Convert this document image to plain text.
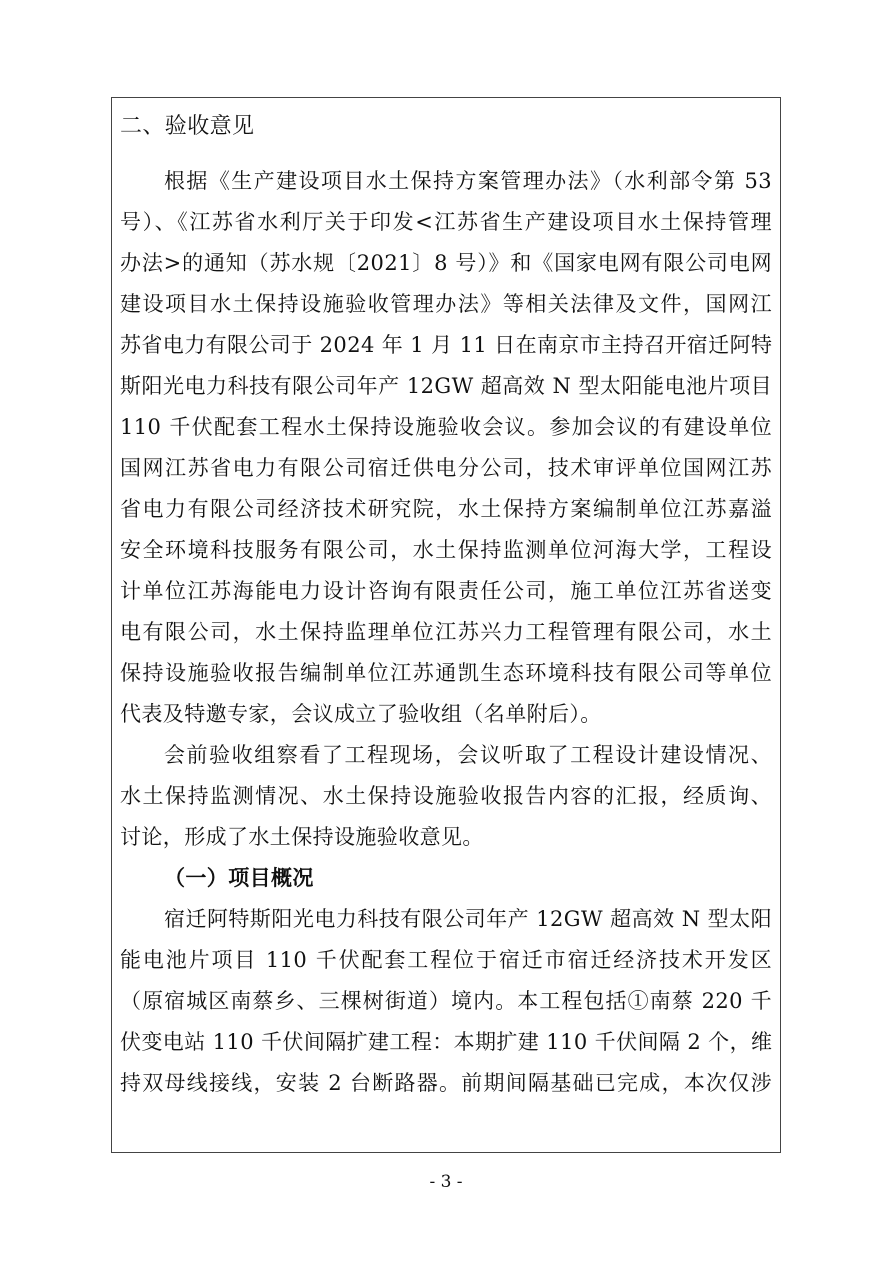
二、验收意见
根据《生产建设项目水土保持方案管理办法》（水利部令第 53
号）、《江苏省水利厅关于印发<江苏省生产建设项目水土保持管理
办法>的通知（苏水规〔2021〕8 号）》和《国家电网有限公司电网
建设项目水土保持设施验收管理办法》等相关法律及文件，国网江
苏省电力有限公司于 2024 年 1 月 11 日在南京市主持召开宿迁阿特
斯阳光电力科技有限公司年产 12GW 超高效 N 型太阳能电池片项目
110 千伏配套工程水土保持设施验收会议。参加会议的有建设单位
国网江苏省电力有限公司宿迁供电分公司，技术审评单位国网江苏
省电力有限公司经济技术研究院，水土保持方案编制单位江苏嘉溢
安全环境科技服务有限公司，水土保持监测单位河海大学，工程设
计单位江苏海能电力设计咨询有限责任公司，施工单位江苏省送变
电有限公司，水土保持监理单位江苏兴力工程管理有限公司，水土
保持设施验收报告编制单位江苏通凯生态环境科技有限公司等单位
代表及特邀专家，会议成立了验收组（名单附后）。
会前验收组察看了工程现场，会议听取了工程设计建设情况、
水土保持监测情况、水土保持设施验收报告内容的汇报，经质询、
讨论，形成了水土保持设施验收意见。
（一）项目概况
宿迁阿特斯阳光电力科技有限公司年产 12GW 超高效 N 型太阳
能电池片项目 110 千伏配套工程位于宿迁市宿迁经济技术开发区
（原宿城区南蔡乡、三棵树街道）境内。本工程包括①南蔡 220 千
伏变电站 110 千伏间隔扩建工程：本期扩建 110 千伏间隔 2 个，维
持双母线接线，安装 2 台断路器。前期间隔基础已完成，本次仅涉
- 3 -
